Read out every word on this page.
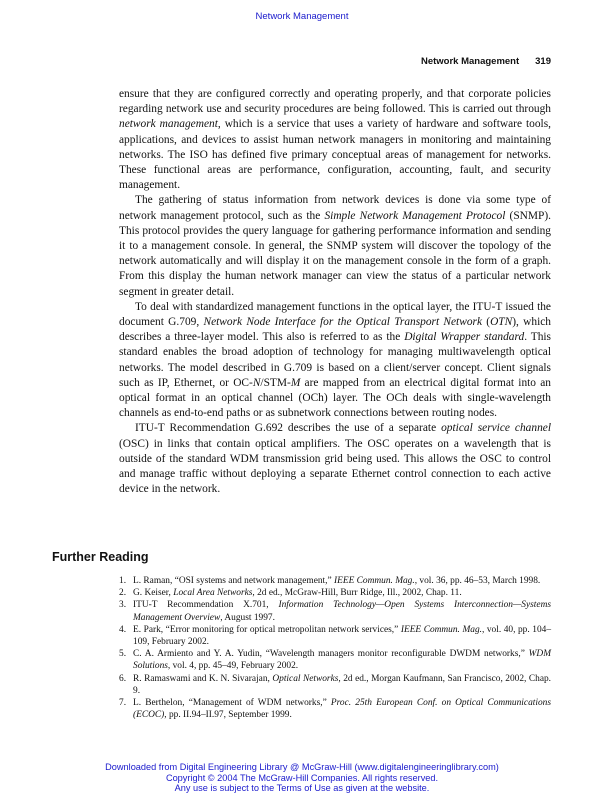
Network Management
Network Management 319

ensure that they are configured correctly and operating properly, and that corporate policies regarding network use and security procedures are being followed. This is carried out through network management, which is a service that uses a variety of hardware and software tools, applications, and devices to assist human network managers in monitoring and maintaining networks. The ISO has defined five primary conceptual areas of management for networks. These functional areas are performance, configuration, accounting, fault, and security management.

The gathering of status information from network devices is done via some type of network management protocol, such as the Simple Network Management Protocol (SNMP). This protocol provides the query language for gathering performance information and sending it to a management console. In general, the SNMP system will discover the topology of the network automatically and will display it on the management console in the form of a graph. From this display the human network manager can view the status of a particular network segment in greater detail.

To deal with standardized management functions in the optical layer, the ITU-T issued the document G.709, Network Node Interface for the Optical Transport Network (OTN), which describes a three-layer model. This also is referred to as the Digital Wrapper standard. This standard enables the broad adoption of technology for managing multiwavelength optical networks. The model described in G.709 is based on a client/server concept. Client signals such as IP, Ethernet, or OC-N/STM-M are mapped from an electrical digital format into an optical format in an optical channel (OCh) layer. The OCh deals with single-wavelength channels as end-to-end paths or as subnetwork connections between routing nodes.

ITU-T Recommendation G.692 describes the use of a separate optical service channel (OSC) in links that contain optical amplifiers. The OSC operates on a wavelength that is outside of the standard WDM transmission grid being used. This allows the OSC to control and manage traffic without deploying a separate Ethernet control connection to each active device in the network.

Further Reading
1. L. Raman, “OSI systems and network management,” IEEE Commun. Mag., vol. 36, pp. 46–53, March 1998.
2. G. Keiser, Local Area Networks, 2d ed., McGraw-Hill, Burr Ridge, Ill., 2002, Chap. 11.
3. ITU-T Recommendation X.701, Information Technology—Open Systems Interconnection—Systems Management Overview, August 1997.
4. E. Park, “Error monitoring for optical metropolitan network services,” IEEE Commun. Mag., vol. 40, pp. 104–109, February 2002.
5. C. A. Armiento and Y. A. Yudin, “Wavelength managers monitor reconfigurable DWDM networks,” WDM Solutions, vol. 4, pp. 45–49, February 2002.
6. R. Ramaswami and K. N. Sivarajan, Optical Networks, 2d ed., Morgan Kaufmann, San Francisco, 2002, Chap. 9.
7. L. Berthelon, “Management of WDM networks,” Proc. 25th European Conf. on Optical Communications (ECOC), pp. II.94–II.97, September 1999.
Downloaded from Digital Engineering Library @ McGraw-Hill (www.digitalengineeringlibrary.com)
Copyright © 2004 The McGraw-Hill Companies. All rights reserved.
Any use is subject to the Terms of Use as given at the website.
